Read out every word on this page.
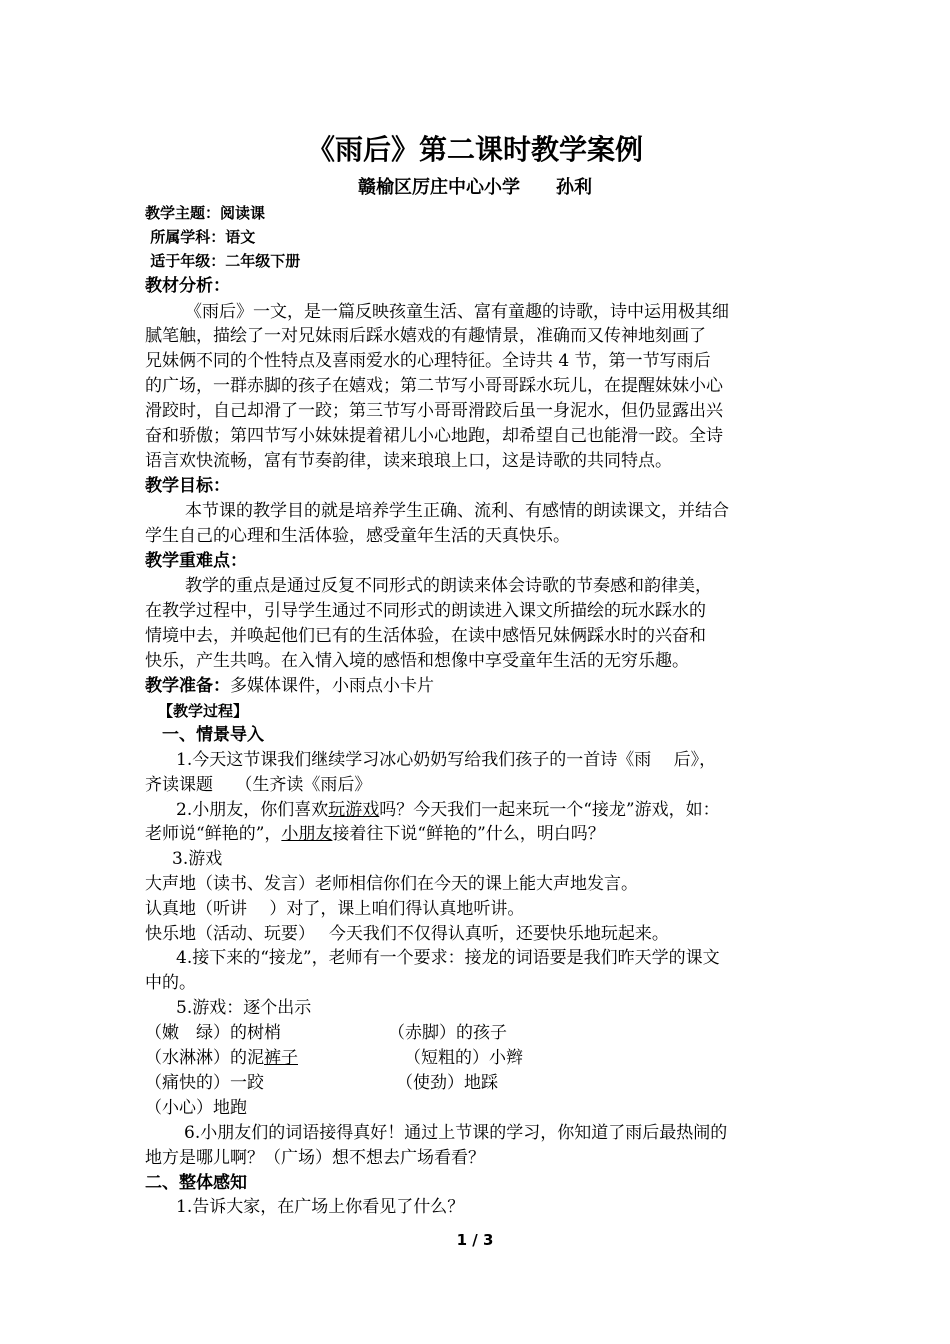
《雨后》第二课时教学案例
赣榆区厉庄中心小学　　孙利
教学主题：阅读课
所属学科：语文
适于年级：二年级下册
教材分析：
《雨后》一文，是一篇反映孩童生活、富有童趣的诗歌，诗中运用极其细
腻笔触，描绘了一对兄妹雨后踩水嬉戏的有趣情景，准确而又传神地刻画了
兄妹俩不同的个性特点及喜雨爱水的心理特征。全诗共 4 节，第一节写雨后
的广场，一群赤脚的孩子在嬉戏；第二节写小哥哥踩水玩儿，在提醒妹妹小心
滑跤时，自己却滑了一跤；第三节写小哥哥滑跤后虽一身泥水，但仍显露出兴
奋和骄傲；第四节写小妹妹提着裙儿小心地跑，却希望自己也能滑一跤。全诗
语言欢快流畅，富有节奏韵律，读来琅琅上口，这是诗歌的共同特点。
教学目标：
本节课的教学目的就是培养学生正确、流利、有感情的朗读课文，并结合
学生自己的心理和生活体验，感受童年生活的天真快乐。
教学重难点：
教学的重点是通过反复不同形式的朗读来体会诗歌的节奏感和韵律美，
在教学过程中，引导学生通过不同形式的朗读进入课文所描绘的玩水踩水的
情境中去，并唤起他们已有的生活体验，在读中感悟兄妹俩踩水时的兴奋和
快乐，产生共鸣。在入情入境的感悟和想像中享受童年生活的无穷乐趣。
教学准备：多媒体课件，小雨点小卡片
【教学过程】
一、情景导入
1.今天这节课我们继续学习冰心奶奶写给我们孩子的一首诗《雨　 后》，
齐读课题　 （生齐读《雨后》
2.小朋友，你们喜欢玩游戏吗？今天我们一起来玩一个“接龙”游戏，如：
老师说“鲜艳的”，小朋友接着往下说“鲜艳的”什么，明白吗？
3.游戏
大声地（读书、发言）老师相信你们在今天的课上能大声地发言。
认真地（听讲　 ）对了，课上咱们得认真地听讲。
快乐地（活动、玩要）　 今天我们不仅得认真听，还要快乐地玩起来。
4.接下来的“接龙”，老师有一个要求：接龙的词语要是我们昨天学的课文
中的。
5.游戏：逐个出示
（嫩　绿）的树梢	（赤脚）的孩子
（水淋淋）的泥裤子	（短粗的）小辫
（痛快的）一跤	（使劲）地踩
（小心）地跑
6.小朋友们的词语接得真好！通过上节课的学习，你知道了雨后最热闹的
地方是哪儿啊？（广场）想不想去广场看看？
二、整体感知
1.告诉大家，在广场上你看见了什么？
1 / 3
